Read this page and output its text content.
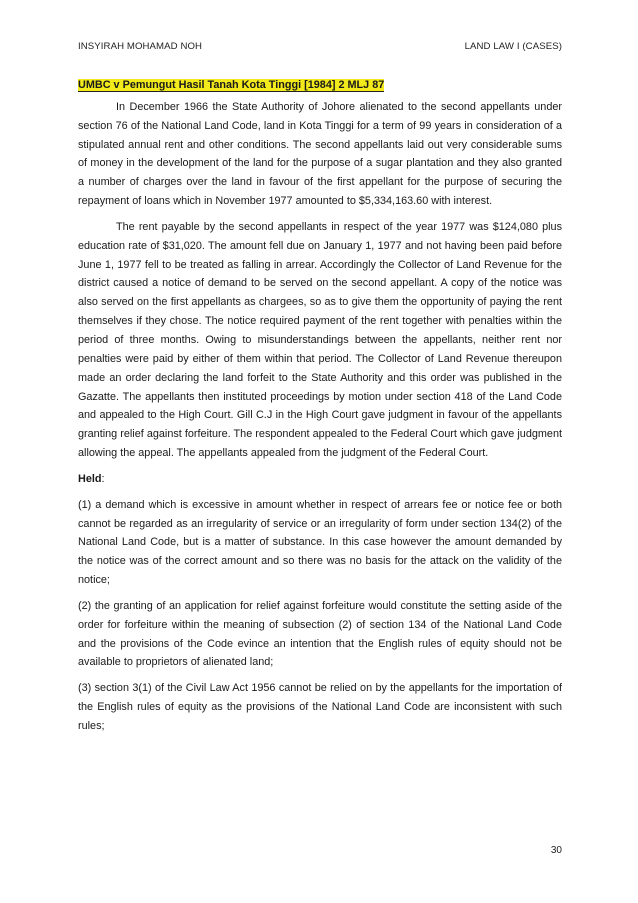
INSYIRAH MOHAMAD NOH	LAND LAW I (CASES)
UMBC v Pemungut Hasil Tanah Kota Tinggi [1984] 2 MLJ 87

In December 1966 the State Authority of Johore alienated to the second appellants under section 76 of the National Land Code, land in Kota Tinggi for a term of 99 years in consideration of a stipulated annual rent and other conditions. The second appellants laid out very considerable sums of money in the development of the land for the purpose of a sugar plantation and they also granted a number of charges over the land in favour of the first appellant for the purpose of securing the repayment of loans which in November 1977 amounted to $5,334,163.60 with interest.

The rent payable by the second appellants in respect of the year 1977 was $124,080 plus education rate of $31,020. The amount fell due on January 1, 1977 and not having been paid before June 1, 1977 fell to be treated as falling in arrear. Accordingly the Collector of Land Revenue for the district caused a notice of demand to be served on the second appellant. A copy of the notice was also served on the first appellants as chargees, so as to give them the opportunity of paying the rent themselves if they chose. The notice required payment of the rent together with penalties within the period of three months. Owing to misunderstandings between the appellants, neither rent nor penalties were paid by either of them within that period. The Collector of Land Revenue thereupon made an order declaring the land forfeit to the State Authority and this order was published in the Gazatte. The appellants then instituted proceedings by motion under section 418 of the Land Code and appealed to the High Court. Gill C.J in the High Court gave judgment in favour of the appellants granting relief against forfeiture. The respondent appealed to the Federal Court which gave judgment allowing the appeal. The appellants appealed from the judgment of the Federal Court.

Held:

(1) a demand which is excessive in amount whether in respect of arrears fee or notice fee or both cannot be regarded as an irregularity of service or an irregularity of form under section 134(2) of the National Land Code, but is a matter of substance. In this case however the amount demanded by the notice was of the correct amount and so there was no basis for the attack on the validity of the notice;

(2) the granting of an application for relief against forfeiture would constitute the setting aside of the order for forfeiture within the meaning of subsection (2) of section 134 of the National Land Code and the provisions of the Code evince an intention that the English rules of equity should not be available to proprietors of alienated land;

(3) section 3(1) of the Civil Law Act 1956 cannot be relied on by the appellants for the importation of the English rules of equity as the provisions of the National Land Code are inconsistent with such rules;

30
